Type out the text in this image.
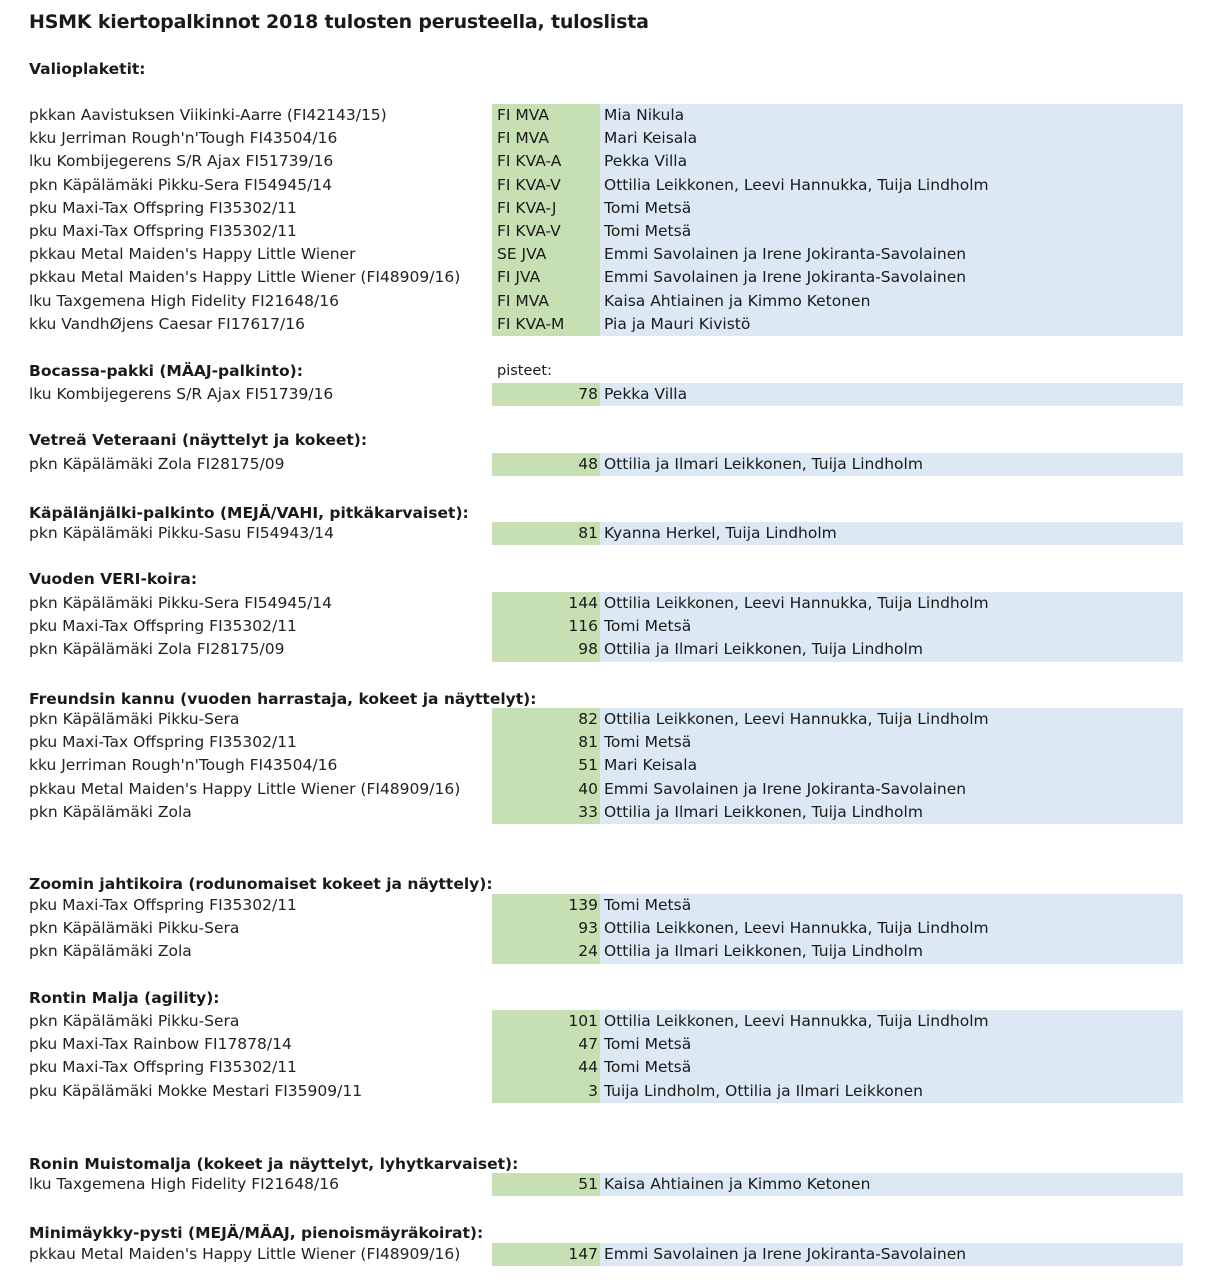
HSMK kiertopalkinnot 2018 tulosten perusteella, tuloslista
Valioplaketit:
pkkan Aavistuksen Viikinki-Aarre (FI42143/15)	FI MVA	Mia Nikula
kku Jerriman Rough'n'Tough FI43504/16	FI MVA	Mari Keisala
lku Kombijegerens S/R Ajax FI51739/16	FI KVA-A	Pekka Villa
pkn Käpälämäki Pikku-Sera FI54945/14	FI KVA-V	Ottilia Leikkonen, Leevi Hannukka, Tuija Lindholm
pku Maxi-Tax Offspring FI35302/11	FI KVA-J	Tomi Metsä
pku Maxi-Tax Offspring FI35302/11	FI KVA-V	Tomi Metsä
pkkau Metal Maiden's Happy Little Wiener	SE JVA	Emmi Savolainen ja Irene Jokiranta-Savolainen
pkkau Metal Maiden's Happy Little Wiener (FI48909/16) FI JVA	Emmi Savolainen ja Irene Jokiranta-Savolainen
lku Taxgemena High Fidelity FI21648/16	FI MVA	Kaisa Ahtiainen ja Kimmo Ketonen
kku VandhØjens Caesar FI17617/16	FI KVA-M	Pia ja Mauri Kivistö
Bocassa-pakki (MÄAJ-palkinto):	pisteet:
lku Kombijegerens S/R Ajax FI51739/16	78 Pekka Villa
Vetreä Veteraani (näyttelyt ja kokeet):
pkn Käpälämäki Zola FI28175/09	48 Ottilia ja Ilmari Leikkonen, Tuija Lindholm
Käpälänjälki-palkinto (MEJÄ/VAHI, pitkäkarvaiset):
pkn Käpälämäki Pikku-Sasu FI54943/14	81 Kyanna Herkel, Tuija Lindholm
Vuoden VERI-koira:
pkn Käpälämäki Pikku-Sera FI54945/14	144 Ottilia Leikkonen, Leevi Hannukka, Tuija Lindholm
pku Maxi-Tax Offspring FI35302/11	116 Tomi Metsä
pkn Käpälämäki Zola FI28175/09	98 Ottilia ja Ilmari Leikkonen, Tuija Lindholm
Freundsin kannu (vuoden harrastaja, kokeet ja näyttelyt):
pkn Käpälämäki Pikku-Sera	82 Ottilia Leikkonen, Leevi Hannukka, Tuija Lindholm
pku Maxi-Tax Offspring FI35302/11	81 Tomi Metsä
kku Jerriman Rough'n'Tough FI43504/16	51 Mari Keisala
pkkau Metal Maiden's Happy Little Wiener (FI48909/16)	40 Emmi Savolainen ja Irene Jokiranta-Savolainen
pkn Käpälämäki Zola	33 Ottilia ja Ilmari Leikkonen, Tuija Lindholm
Zoomin jahtikoira (rodunomaiset kokeet ja näyttely):
pku Maxi-Tax Offspring FI35302/11	139 Tomi Metsä
pkn Käpälämäki Pikku-Sera	93 Ottilia Leikkonen, Leevi Hannukka, Tuija Lindholm
pkn Käpälämäki Zola	24 Ottilia ja Ilmari Leikkonen, Tuija Lindholm
Rontin Malja (agility):
pkn Käpälämäki Pikku-Sera	101 Ottilia Leikkonen, Leevi Hannukka, Tuija Lindholm
pku Maxi-Tax Rainbow FI17878/14	47 Tomi Metsä
pku Maxi-Tax Offspring FI35302/11	44 Tomi Metsä
pku Käpälämäki Mokke Mestari FI35909/11	3 Tuija Lindholm, Ottilia ja Ilmari Leikkonen
Ronin Muistomalja (kokeet ja näyttelyt, lyhytkarvaiset):
lku Taxgemena High Fidelity FI21648/16	51 Kaisa Ahtiainen ja Kimmo Ketonen
Minimäykky-pysti (MEJÄ/MÄAJ, pienoismäyräkoirat):
pkkau Metal Maiden's Happy Little Wiener (FI48909/16)	147 Emmi Savolainen ja Irene Jokiranta-Savolainen
